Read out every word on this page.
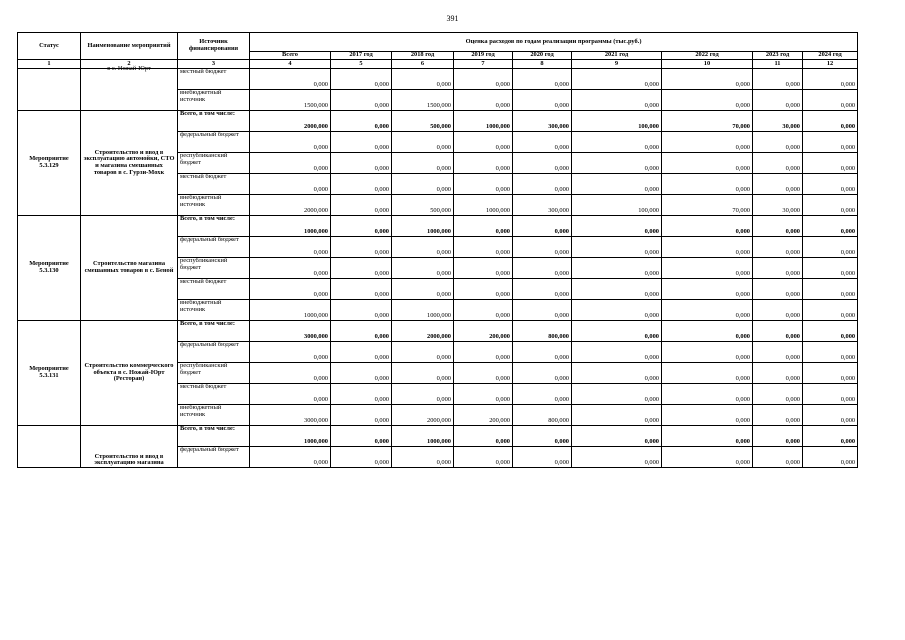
391
Статус	Наименование мероприятий	Источник финансирования	Оценка расходов по годам реализации программы (тыс.руб.)								
			Всего	2017 год	2018 год	2019 год	2020 год	2021 год	2022 год	2023 год	2024 год
1	2	3	4	5	6	7	8	9	10	11	12

	в с. Ножай-Юрт	местный бюджет	0,000	0,000	0,000	0,000	0,000	0,000	0,000	0,000	0,000
		внебюджетный источник	1500,000	0,000	1500,000	0,000	0,000	0,000	0,000	0,000	0,000
Мероприятие 5.3.129	Строительство и ввод в эксплуатацию автомойки, СТО и магазина смешанных товаров в с. Гурзи-Мохк	Всего, в том числе:	2000,000	0,000	500,000	1000,000	300,000	100,000	70,000	30,000	0,000
		федеральный бюджет	0,000	0,000	0,000	0,000	0,000	0,000	0,000	0,000	0,000
		республиканский бюджет	0,000	0,000	0,000	0,000	0,000	0,000	0,000	0,000	0,000
		местный бюджет	0,000	0,000	0,000	0,000	0,000	0,000	0,000	0,000	0,000
		внебюджетный источник	2000,000	0,000	500,000	1000,000	300,000	100,000	70,000	30,000	0,000
Мероприятие 5.3.130	Строительство магазина смешанных товаров в с. Беной	Всего, в том числе:	1000,000	0,000	1000,000	0,000	0,000	0,000	0,000	0,000	0,000
		федеральный бюджет	0,000	0,000	0,000	0,000	0,000	0,000	0,000	0,000	0,000
		республиканский бюджет	0,000	0,000	0,000	0,000	0,000	0,000	0,000	0,000	0,000
		местный бюджет	0,000	0,000	0,000	0,000	0,000	0,000	0,000	0,000	0,000
		внебюджетный источник	1000,000	0,000	1000,000	0,000	0,000	0,000	0,000	0,000	0,000
Мероприятие 5.3.131	Строительство коммерческого объекта в с. Ножай-Юрт (Ресторан)	Всего, в том числе:	3000,000	0,000	2000,000	200,000	800,000	0,000	0,000	0,000	0,000
		федеральный бюджет	0,000	0,000	0,000	0,000	0,000	0,000	0,000	0,000	0,000
		республиканский бюджет	0,000	0,000	0,000	0,000	0,000	0,000	0,000	0,000	0,000
		местный бюджет	0,000	0,000	0,000	0,000	0,000	0,000	0,000	0,000	0,000
		внебюджетный источник	3000,000	0,000	2000,000	200,000	800,000	0,000	0,000	0,000	0,000
	Строительство и ввод в эксплуатацию магазина	Всего, в том числе:	1000,000	0,000	1000,000	0,000	0,000	0,000	0,000	0,000	0,000
		федеральный бюджет	0,000	0,000	0,000	0,000	0,000	0,000	0,000	0,000	0,000
